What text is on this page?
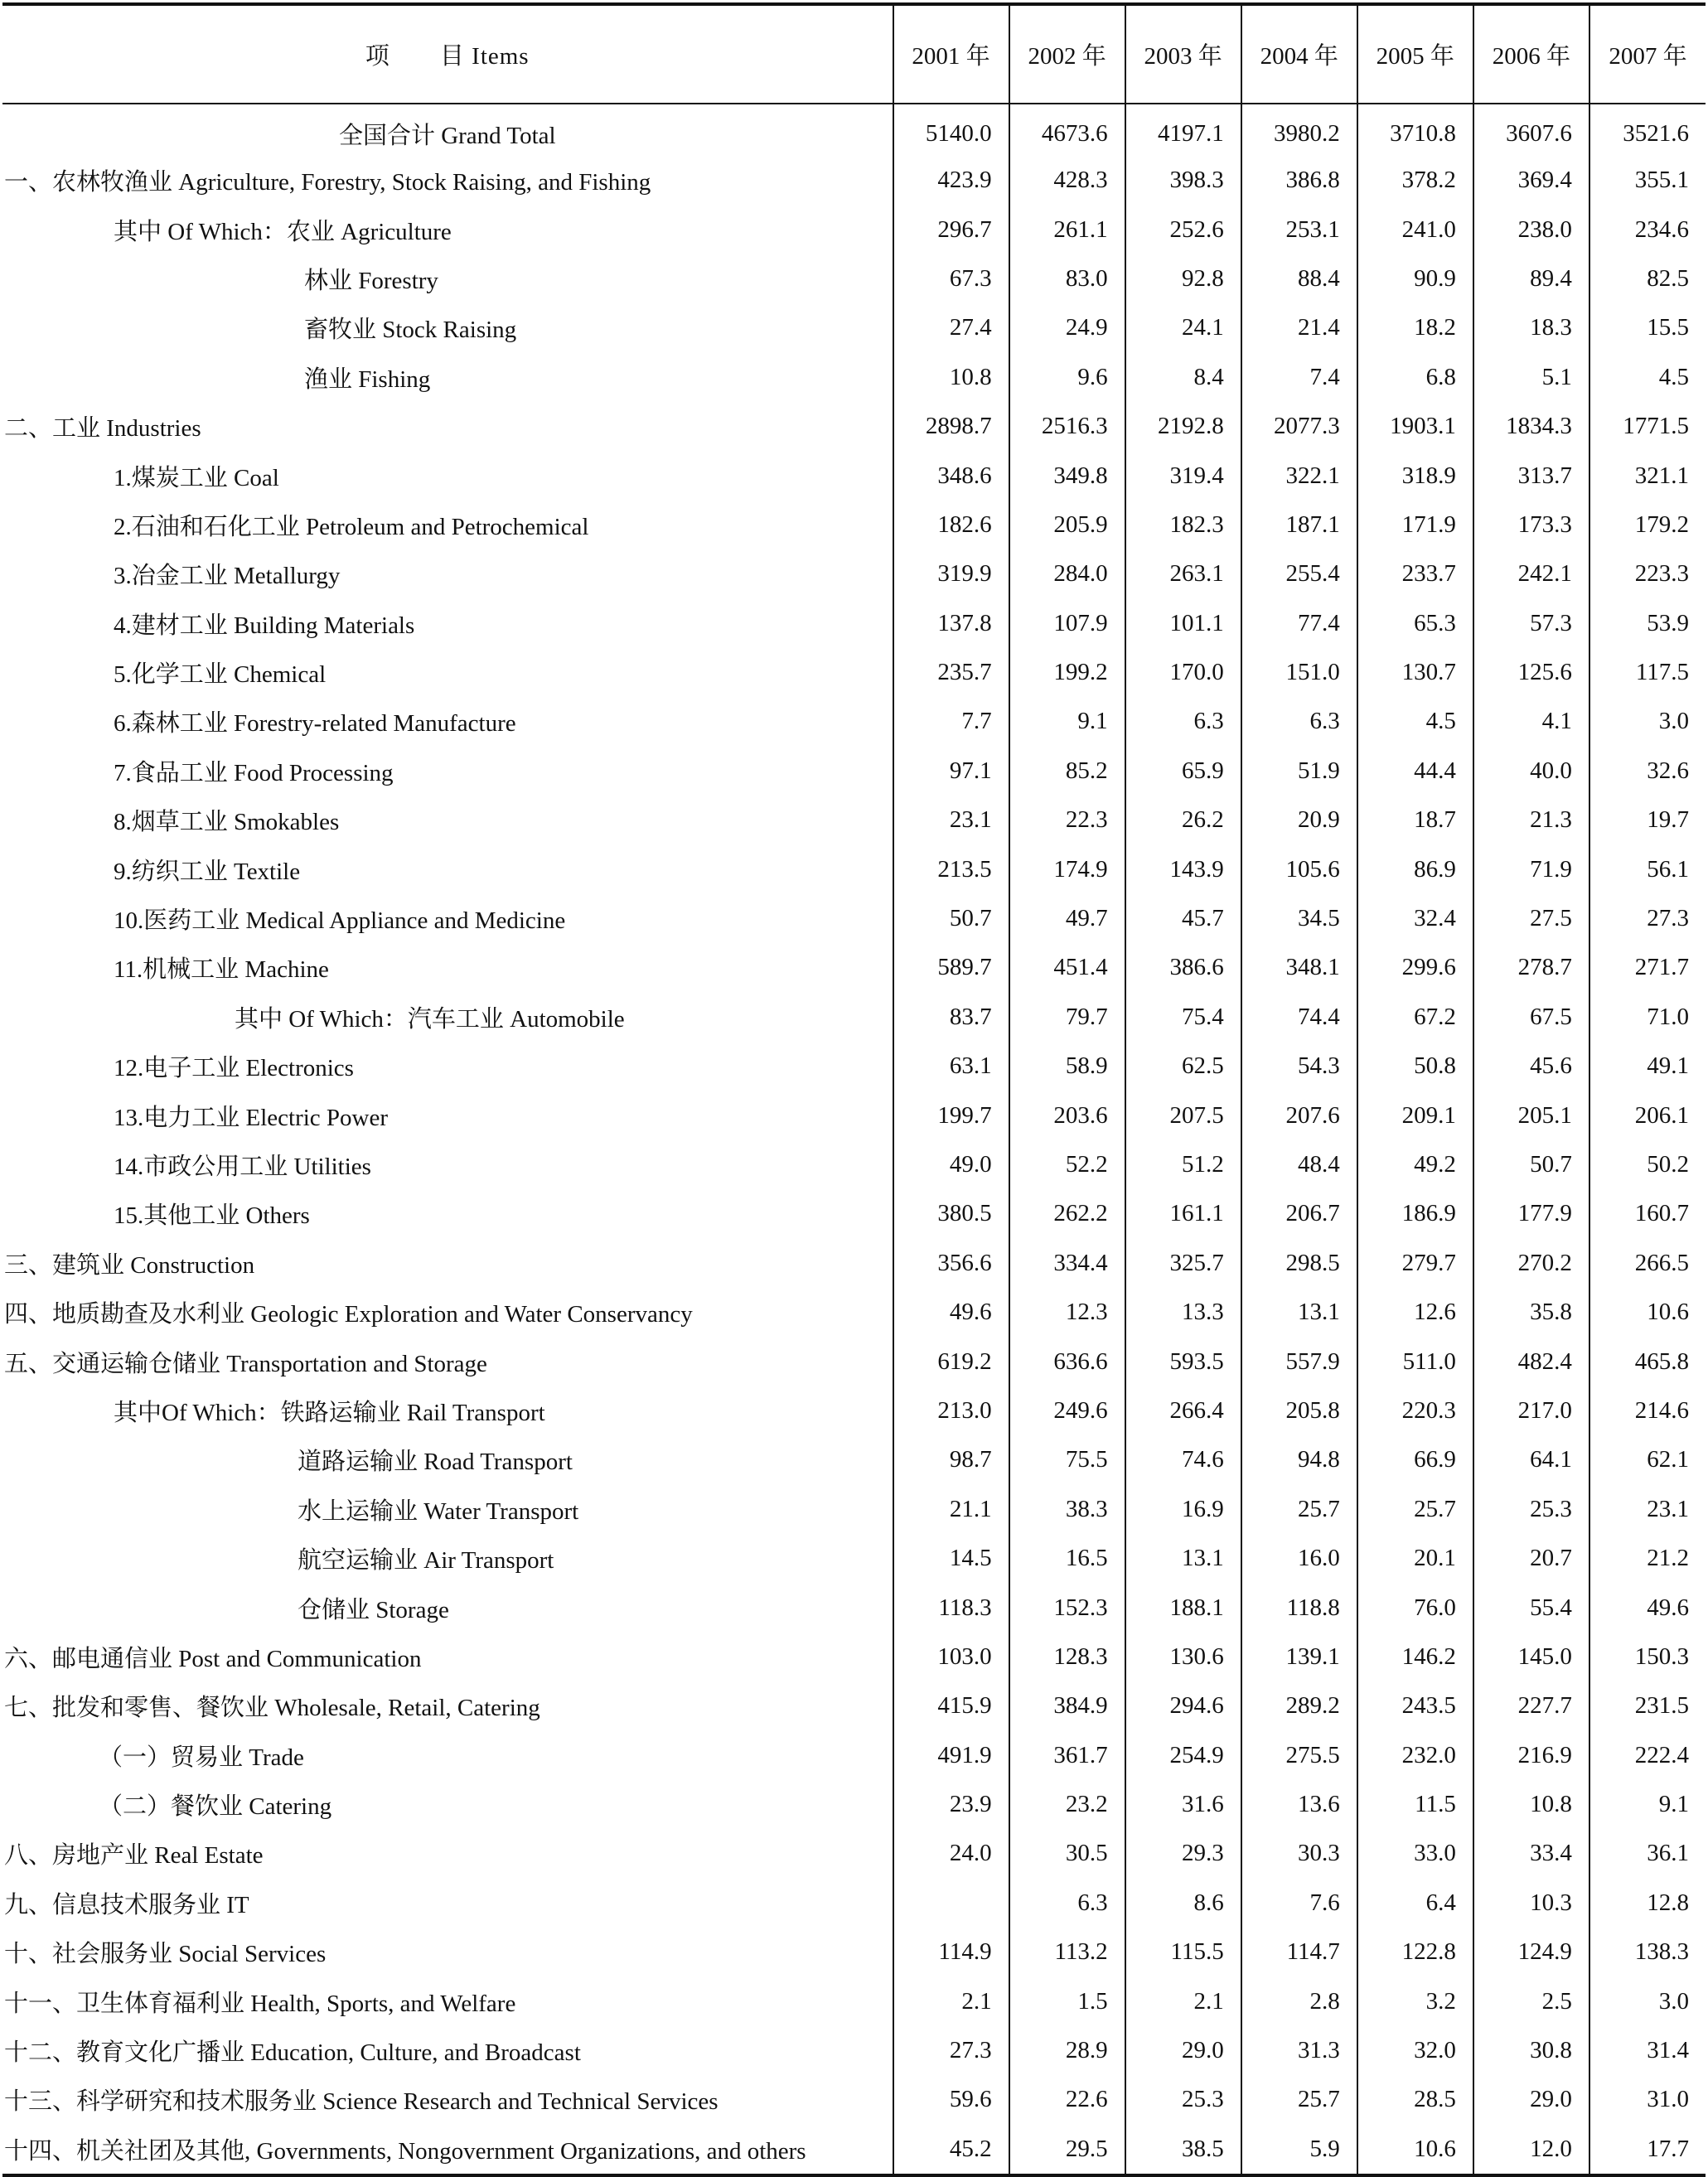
项　　目 Items	2001 年	2002 年	2003 年	2004 年	2005 年	2006 年	2007 年
全国合计 Grand Total	5140.0	4673.6	4197.1	3980.2	3710.8	3607.6	3521.6
一、农林牧渔业 Agriculture, Forestry, Stock Raising, and Fishing	423.9	428.3	398.3	386.8	378.2	369.4	355.1
其中 Of Which：农业 Agriculture	296.7	261.1	252.6	253.1	241.0	238.0	234.6
林业 Forestry	67.3	83.0	92.8	88.4	90.9	89.4	82.5
畜牧业 Stock Raising	27.4	24.9	24.1	21.4	18.2	18.3	15.5
渔业 Fishing	10.8	9.6	8.4	7.4	6.8	5.1	4.5
二、工业 Industries	2898.7	2516.3	2192.8	2077.3	1903.1	1834.3	1771.5
1.煤炭工业 Coal	348.6	349.8	319.4	322.1	318.9	313.7	321.1
2.石油和石化工业 Petroleum and Petrochemical	182.6	205.9	182.3	187.1	171.9	173.3	179.2
3.冶金工业 Metallurgy	319.9	284.0	263.1	255.4	233.7	242.1	223.3
4.建材工业 Building Materials	137.8	107.9	101.1	77.4	65.3	57.3	53.9
5.化学工业 Chemical	235.7	199.2	170.0	151.0	130.7	125.6	117.5
6.森林工业 Forestry-related Manufacture	7.7	9.1	6.3	6.3	4.5	4.1	3.0
7.食品工业 Food Processing	97.1	85.2	65.9	51.9	44.4	40.0	32.6
8.烟草工业 Smokables	23.1	22.3	26.2	20.9	18.7	21.3	19.7
9.纺织工业 Textile	213.5	174.9	143.9	105.6	86.9	71.9	56.1
10.医药工业 Medical Appliance and Medicine	50.7	49.7	45.7	34.5	32.4	27.5	27.3
11.机械工业 Machine	589.7	451.4	386.6	348.1	299.6	278.7	271.7
其中 Of Which：汽车工业 Automobile	83.7	79.7	75.4	74.4	67.2	67.5	71.0
12.电子工业 Electronics	63.1	58.9	62.5	54.3	50.8	45.6	49.1
13.电力工业 Electric Power	199.7	203.6	207.5	207.6	209.1	205.1	206.1
14.市政公用工业 Utilities	49.0	52.2	51.2	48.4	49.2	50.7	50.2
15.其他工业 Others	380.5	262.2	161.1	206.7	186.9	177.9	160.7
三、建筑业 Construction	356.6	334.4	325.7	298.5	279.7	270.2	266.5
四、地质勘查及水利业 Geologic Exploration and Water Conservancy	49.6	12.3	13.3	13.1	12.6	35.8	10.6
五、交通运输仓储业 Transportation and Storage	619.2	636.6	593.5	557.9	511.0	482.4	465.8
其中Of Which：铁路运输业 Rail Transport	213.0	249.6	266.4	205.8	220.3	217.0	214.6
道路运输业 Road Transport	98.7	75.5	74.6	94.8	66.9	64.1	62.1
水上运输业 Water Transport	21.1	38.3	16.9	25.7	25.7	25.3	23.1
航空运输业 Air Transport	14.5	16.5	13.1	16.0	20.1	20.7	21.2
仓储业 Storage	118.3	152.3	188.1	118.8	76.0	55.4	49.6
六、邮电通信业 Post and Communication	103.0	128.3	130.6	139.1	146.2	145.0	150.3
七、批发和零售、餐饮业 Wholesale, Retail, Catering	415.9	384.9	294.6	289.2	243.5	227.7	231.5
（一）贸易业 Trade	491.9	361.7	254.9	275.5	232.0	216.9	222.4
（二）餐饮业 Catering	23.9	23.2	31.6	13.6	11.5	10.8	9.1
八、房地产业 Real Estate	24.0	30.5	29.3	30.3	33.0	33.4	36.1
九、信息技术服务业 IT		6.3	8.6	7.6	6.4	10.3	12.8
十、社会服务业 Social Services	114.9	113.2	115.5	114.7	122.8	124.9	138.3
十一、卫生体育福利业 Health, Sports, and Welfare	2.1	1.5	2.1	2.8	3.2	2.5	3.0
十二、教育文化广播业 Education, Culture, and Broadcast	27.3	28.9	29.0	31.3	32.0	30.8	31.4
十三、科学研究和技术服务业 Science Research and Technical Services	59.6	22.6	25.3	25.7	28.5	29.0	31.0
十四、机关社团及其他, Governments, Nongovernment Organizations, and others	45.2	29.5	38.5	5.9	10.6	12.0	17.7
